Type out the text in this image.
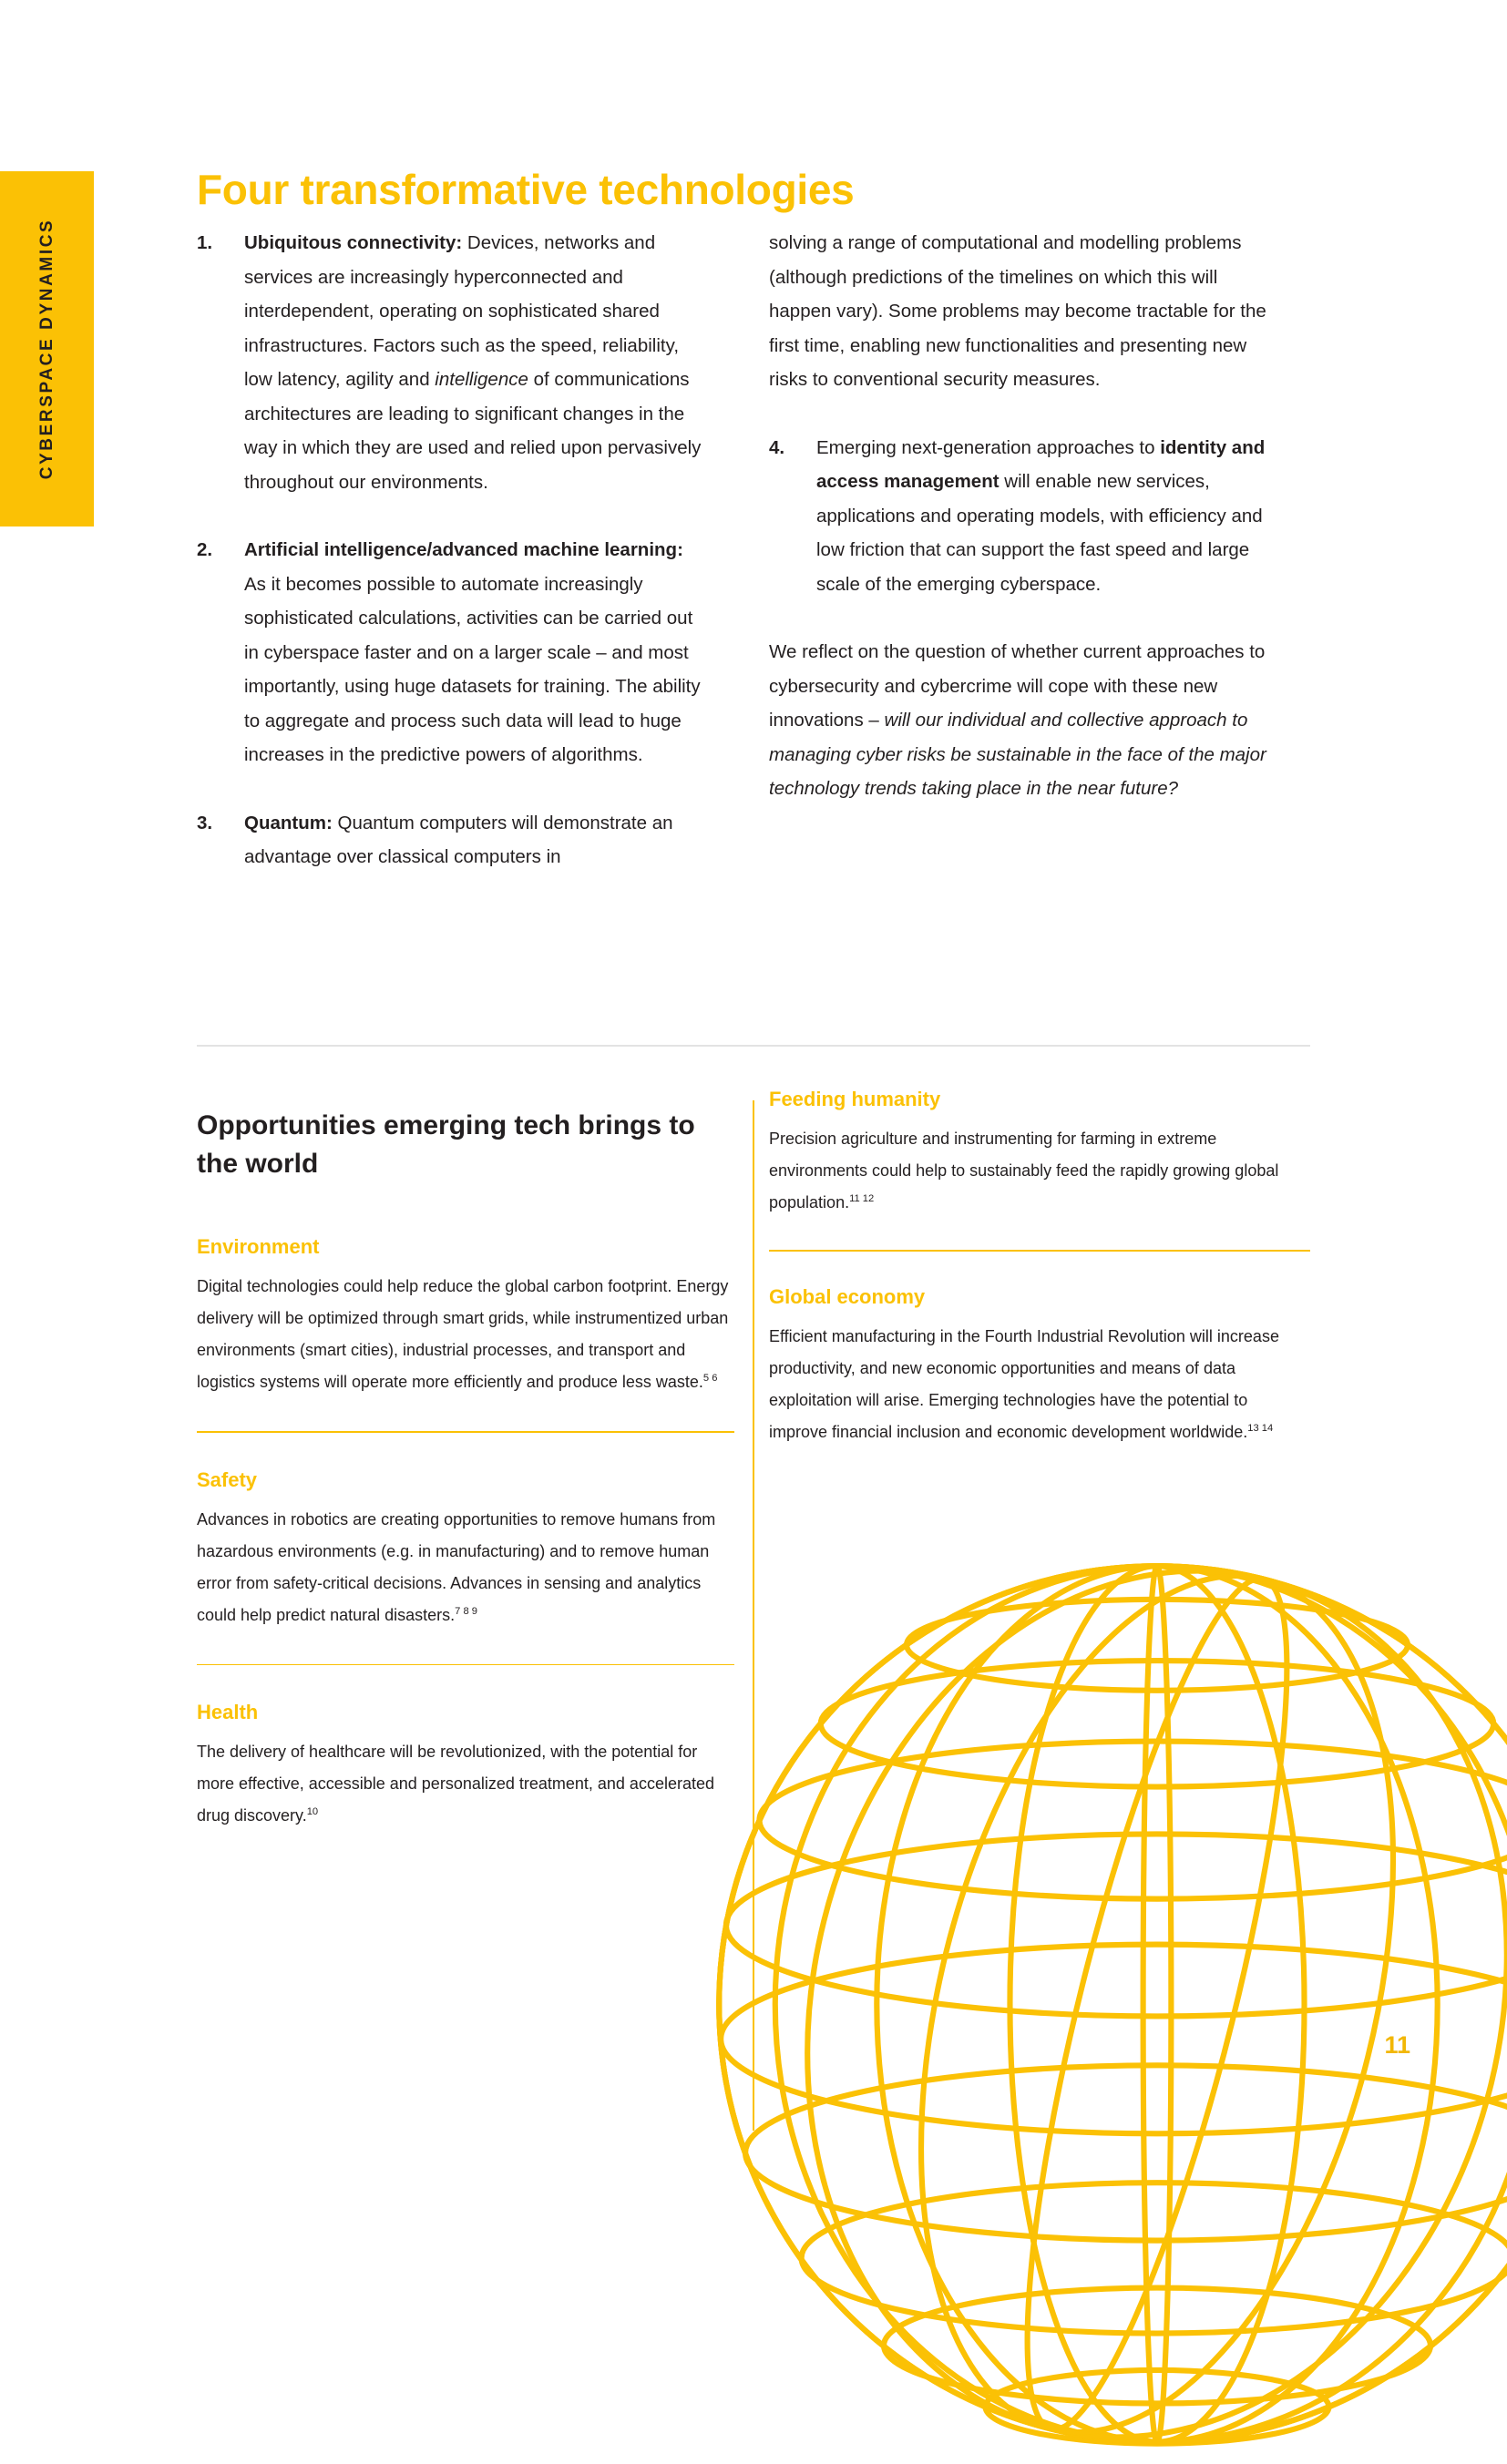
CYBERSPACE DYNAMICS
Four transformative technologies
1. Ubiquitous connectivity: Devices, networks and services are increasingly hyperconnected and interdependent, operating on sophisticated shared infrastructures. Factors such as the speed, reliability, low latency, agility and intelligence of communications architectures are leading to significant changes in the way in which they are used and relied upon pervasively throughout our environments.
2. Artificial intelligence/advanced machine learning: As it becomes possible to automate increasingly sophisticated calculations, activities can be carried out in cyberspace faster and on a larger scale – and most importantly, using huge datasets for training. The ability to aggregate and process such data will lead to huge increases in the predictive powers of algorithms.
3. Quantum: Quantum computers will demonstrate an advantage over classical computers in

solving a range of computational and modelling problems (although predictions of the timelines on which this will happen vary). Some problems may become tractable for the first time, enabling new functionalities and presenting new risks to conventional security measures.

4. Emerging next-generation approaches to identity and access management will enable new services, applications and operating models, with efficiency and low friction that can support the fast speed and large scale of the emerging cyberspace.

We reflect on the question of whether current approaches to cybersecurity and cybercrime will cope with these new innovations – will our individual and collective approach to managing cyber risks be sustainable in the face of the major technology trends taking place in the near future?

Opportunities emerging tech brings to the world
Environment

Digital technologies could help reduce the global carbon footprint. Energy delivery will be optimized through smart grids, while instrumentized urban environments (smart cities), industrial processes, and transport and logistics systems will operate more efficiently and produce less waste.$^{5 6}$

Safety

Advances in robotics are creating opportunities to remove humans from hazardous environments (e.g. in manufacturing) and to remove human error from safety-critical decisions. Advances in sensing and analytics could help predict natural disasters.$^{7 8 9}$

Health

The delivery of healthcare will be revolutionized, with the potential for more effective, accessible and personalized treatment, and accelerated drug discovery.$^{10}$

Feeding humanity

Precision agriculture and instrumenting for farming in extreme environments could help to sustainably feed the rapidly growing global population.$^{11 12}$

Global economy

Efficient manufacturing in the Fourth Industrial Revolution will increase productivity, and new economic opportunities and means of data exploitation will arise. Emerging technologies have the potential to improve financial inclusion and economic development worldwide.$^{13 14}$

11
